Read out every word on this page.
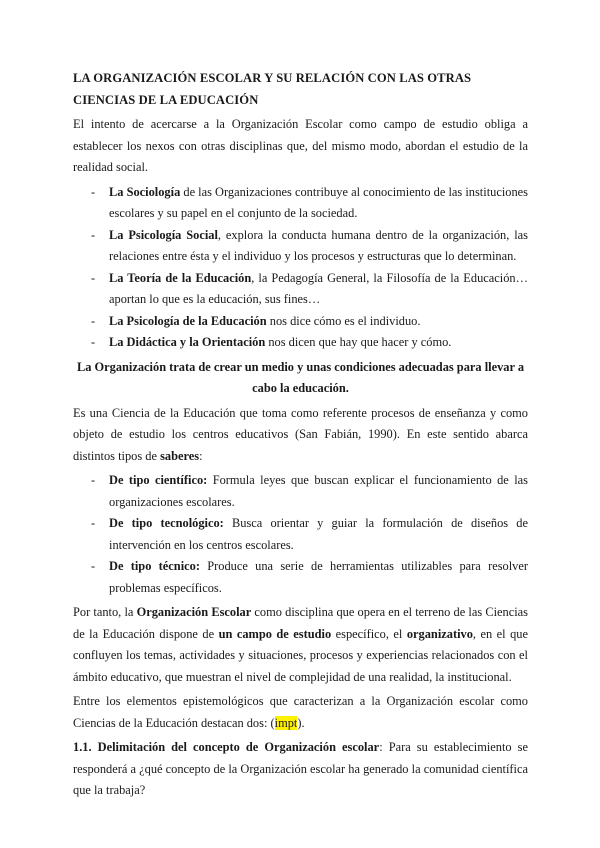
LA ORGANIZACIÓN ESCOLAR Y SU RELACIÓN CON LAS OTRAS CIENCIAS DE LA EDUCACIÓN

El intento de acercarse a la Organización Escolar como campo de estudio obliga a establecer los nexos con otras disciplinas que, del mismo modo, abordan el estudio de la realidad social.

- La Sociología de las Organizaciones contribuye al conocimiento de las instituciones escolares y su papel en el conjunto de la sociedad.
- La Psicología Social, explora la conducta humana dentro de la organización, las relaciones entre ésta y el individuo y los procesos y estructuras que lo determinan.
- La Teoría de la Educación, la Pedagogía General, la Filosofía de la Educación… aportan lo que es la educación, sus fines…
- La Psicología de la Educación nos dice cómo es el individuo.
- La Didáctica y la Orientación nos dicen que hay que hacer y cómo.

La Organización trata de crear un medio y unas condiciones adecuadas para llevar a cabo la educación.

Es una Ciencia de la Educación que toma como referente procesos de enseñanza y como objeto de estudio los centros educativos (San Fabián, 1990). En este sentido abarca distintos tipos de saberes:

- De tipo científico: Formula leyes que buscan explicar el funcionamiento de las organizaciones escolares.
- De tipo tecnológico: Busca orientar y guiar la formulación de diseños de intervención en los centros escolares.
- De tipo técnico: Produce una serie de herramientas utilizables para resolver problemas específicos.

Por tanto, la Organización Escolar como disciplina que opera en el terreno de las Ciencias de la Educación dispone de un campo de estudio específico, el organizativo, en el que confluyen los temas, actividades y situaciones, procesos y experiencias relacionados con el ámbito educativo, que muestran el nivel de complejidad de una realidad, la institucional.

Entre los elementos epistemológicos que caracterizan a la Organización escolar como Ciencias de la Educación destacan dos: (impt).

1.1. Delimitación del concepto de Organización escolar: Para su establecimiento se responderá a ¿qué concepto de la Organización escolar ha generado la comunidad científica que la trabaja?
